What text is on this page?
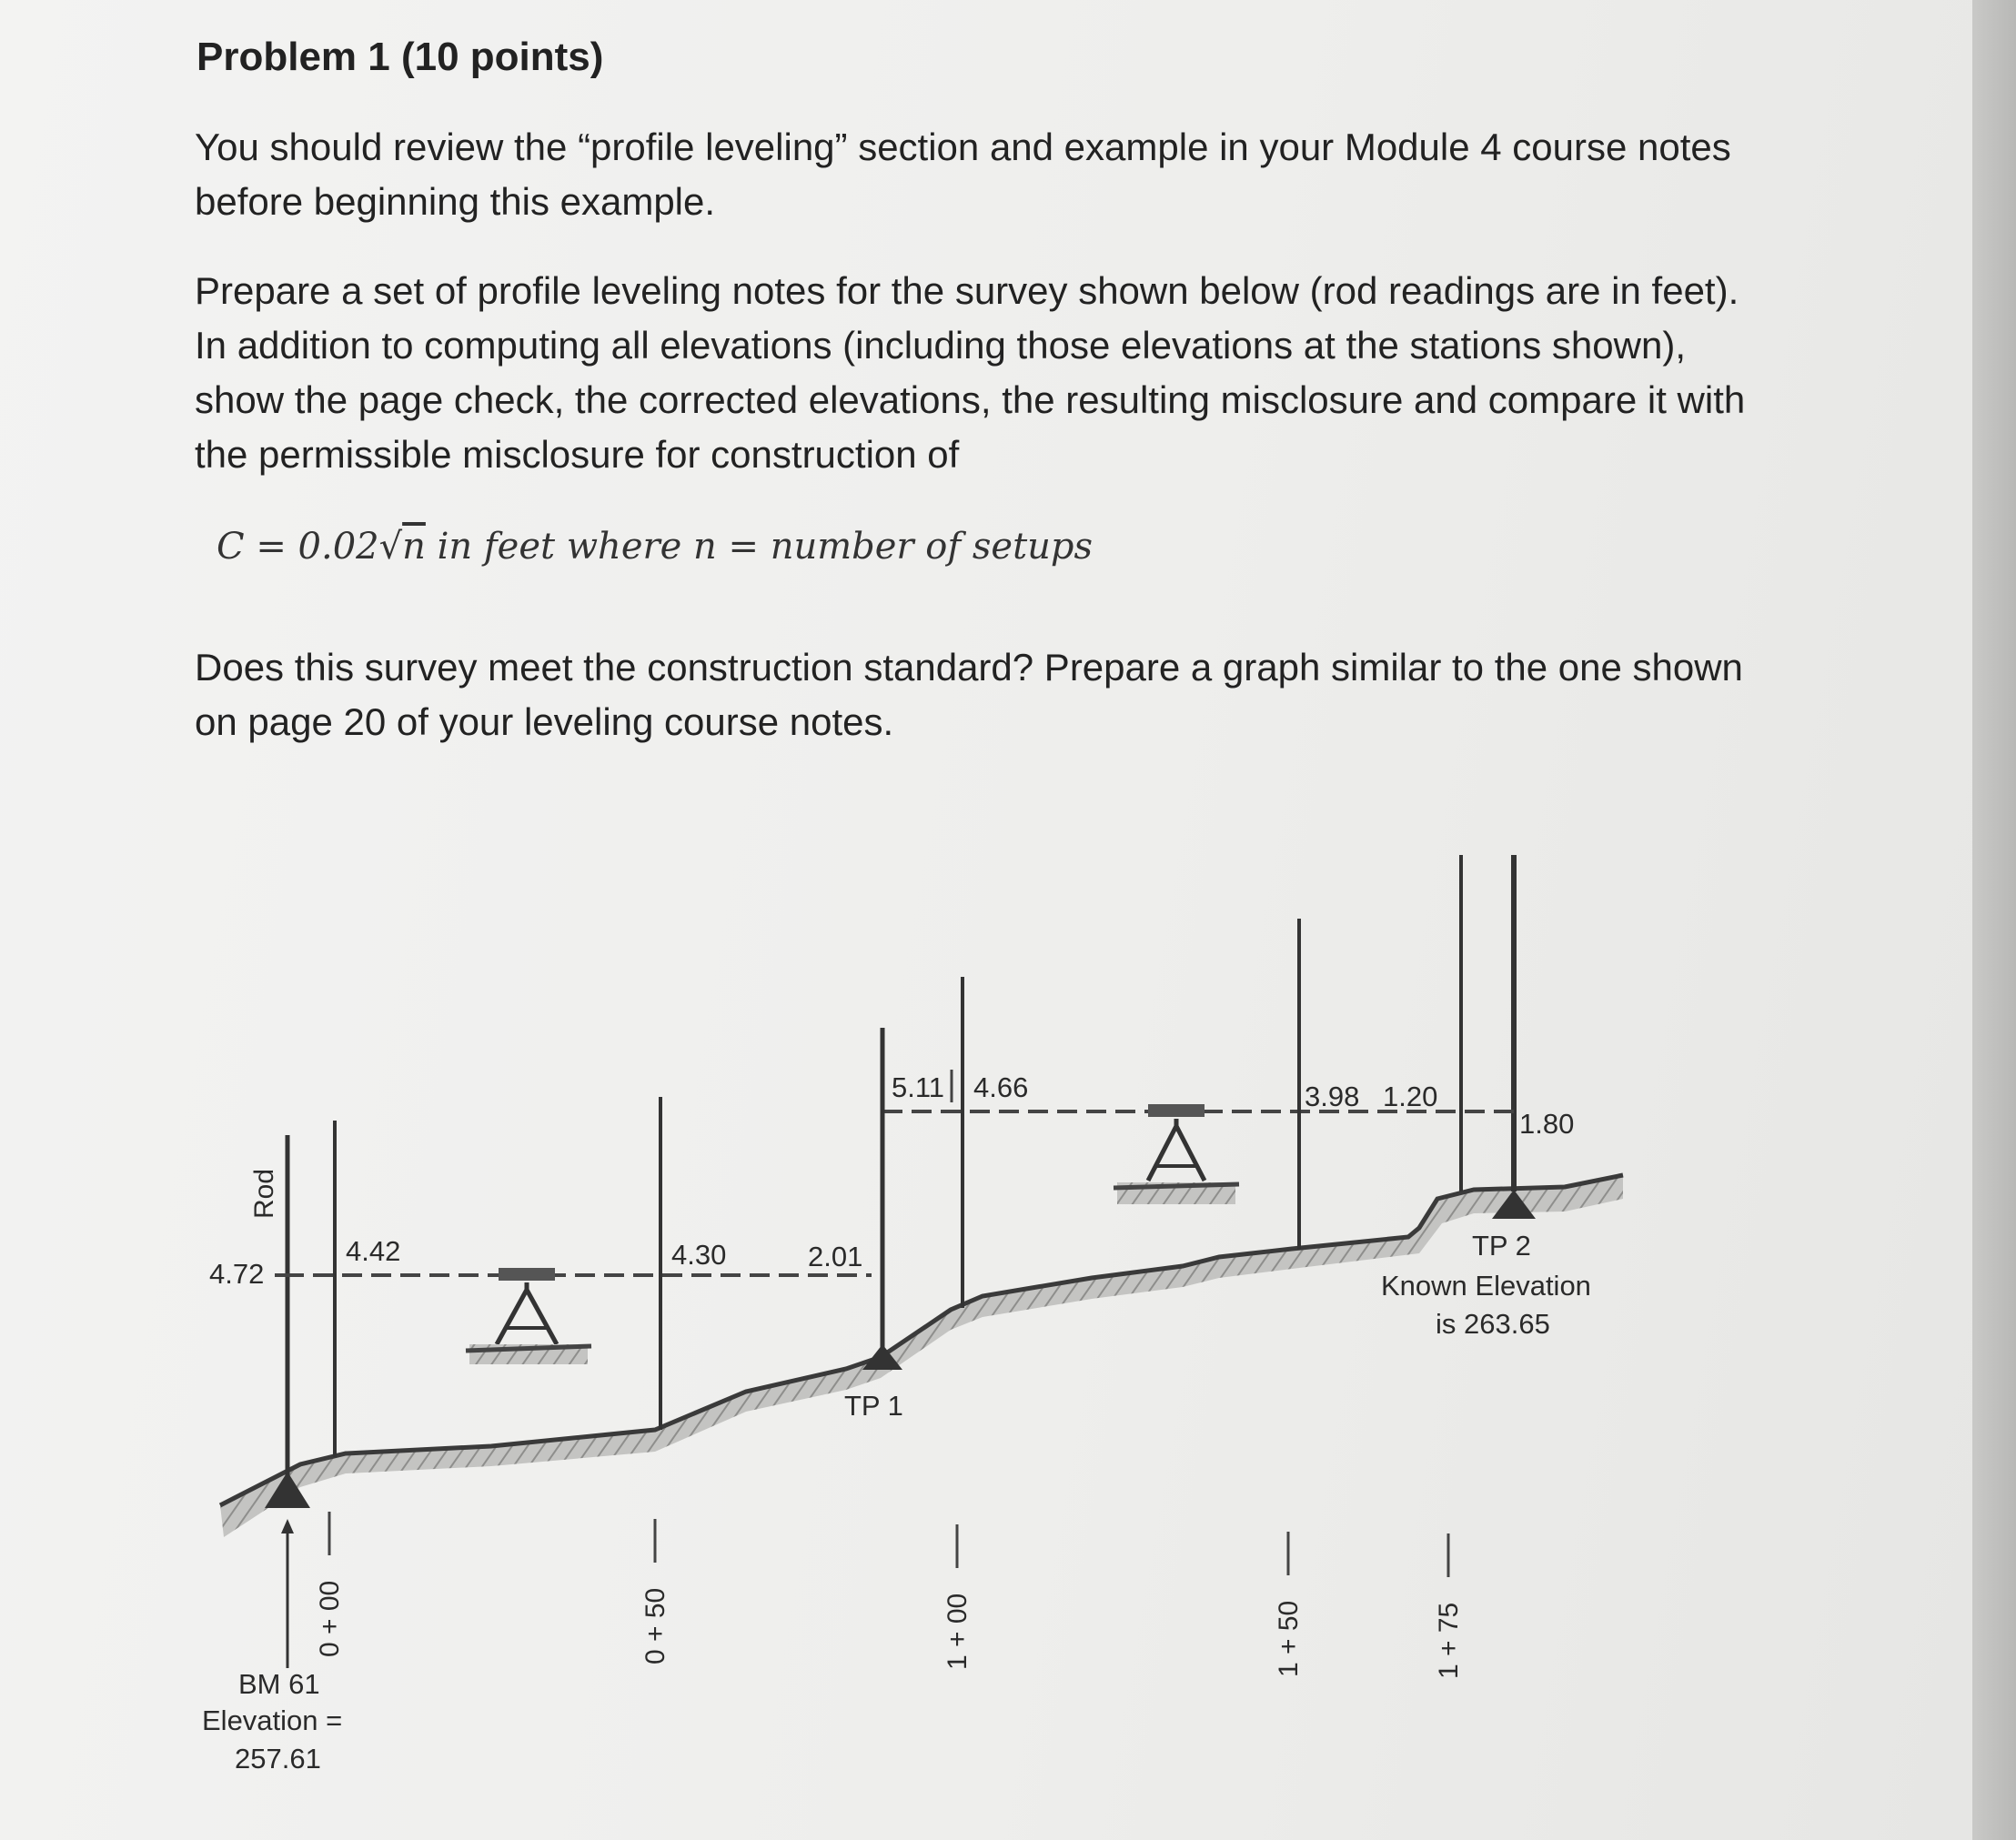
Problem 1 (10 points)

You should review the “profile leveling” section and example in your Module 4 course notes before beginning this example.

Prepare a set of profile leveling notes for the survey shown below (rod readings are in feet). In addition to computing all elevations (including those elevations at the stations shown), show the page check, the corrected elevations, the resulting misclosure and compare it with the permissible misclosure for construction of

C = 0.02√n in feet where n = number of setups

Does this survey meet the construction standard? Prepare a graph similar to the one shown on page 20 of your leveling course notes.

Rod
4.72
4.42	4.30	2.01
5.11 4.66	3.98 1.20
1.80
0 + 00	0 + 50	1 + 00	1 + 50	1 + 75
BM 61
Elevation =
257.61
TP 1
TP 2
Known Elevation
is 263.65
